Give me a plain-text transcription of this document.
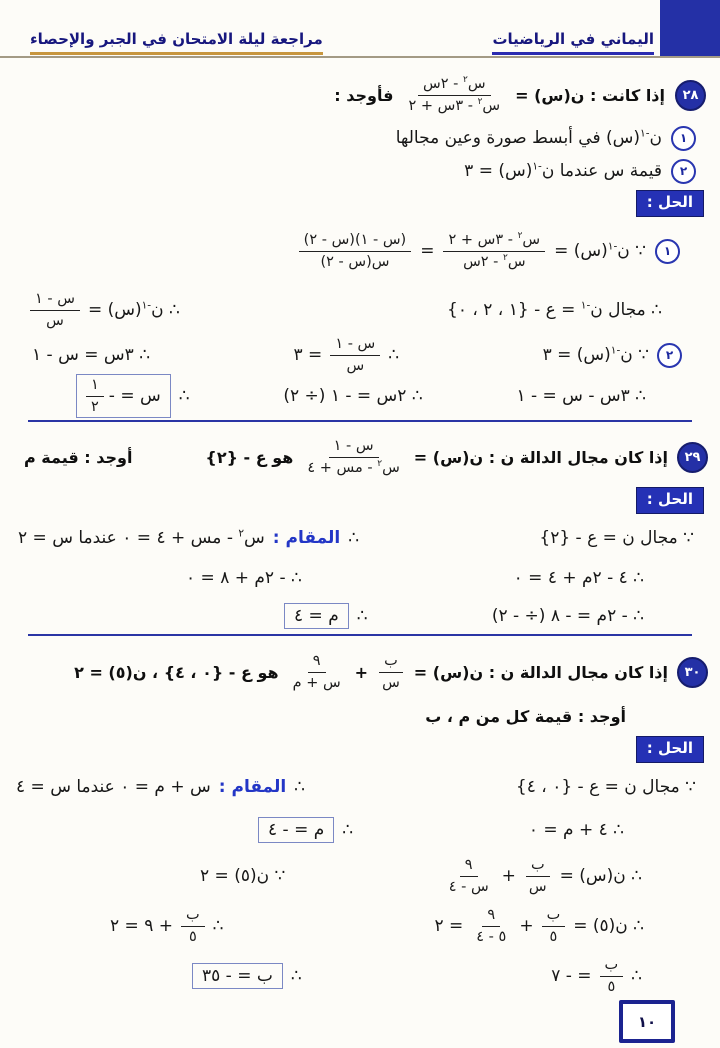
اليماني في الرياضيات
مراجعة ليلة الامتحان في الجبر والإحصاء
٢٨
إذا كانت : ن(س) =
$\frac{س^٢ - ٢س}{س^٢ - ٣س + ٢}$
فأوجد :
١
ن$^{-١}$(س) في أبسط صورة وعين مجالها
٢
قيمة س عندما ن$^{-١}$(س) = ٣
الحل :
١
∵ ن$^{-١}$(س) =
$\frac{س^٢ - ٣س + ٢}{س^٢ - ٢س}$
=
$\frac{\text{(س - ١)(س - ٢)}}{\text{س(س - ٢)}}$
∴ مجال ن$^{-١}$ = ع - {١ ، ٢ ، ٠}
∴ ن$^{-١}$(س) =
$\frac{\text{س - ١}}{\text{س}}$
٢
∵ ن$^{-١}$(س) = ٣
∴
$\frac{\text{س - ١}}{\text{س}}$
= ٣
∴ ٣س = س - ١
∴ ٣س - س = - ١
∴ ٢س = - ١ (÷ ٢)
∴
س = -
$\frac{١}{٢}$
٢٩
إذا كان مجال الدالة ن : ن(س) =
$\frac{\text{س - ١}}{س^٢ - مس + ٤}$
هو ع - {٢}
أوجد : قيمة م
الحل :
∵ مجال ن = ع - {٢}
∴
المقام :
س$^٢$ - مس + ٤ = ٠ عندما س = ٢
∴ ٤ - ٢م + ٤ = ٠
∴ - ٢م + ٨ = ٠
∴ - ٢م = - ٨ (÷ - ٢)
∴
م = ٤
٣٠
إذا كان مجال الدالة ن : ن(س) =
$\frac{\text{ب}}{\text{س}}$
+
$\frac{٩}{\text{س + م}}$
هو ع - {٠ ، ٤} ، ن(٥) = ٢
أوجد : قيمة كل من م ، ب
الحل :
∵ مجال ن = ع - {٠ ، ٤}
∴
المقام :
س + م = ٠ عندما س = ٤
∴ ٤ + م = ٠
∴
م = - ٤
∴ ن(س) =
$\frac{\text{ب}}{\text{س}}$
+
$\frac{٩}{\text{س - ٤}}$
∵ ن(٥) = ٢
∴ ن(٥) =
$\frac{\text{ب}}{٥}$
+
$\frac{٩}{٥ - ٤}$
= ٢
∴
$\frac{\text{ب}}{٥}$
+ ٩ = ٢
∴
$\frac{\text{ب}}{٥}$
= - ٧
∴
ب = - ٣٥
١٠
